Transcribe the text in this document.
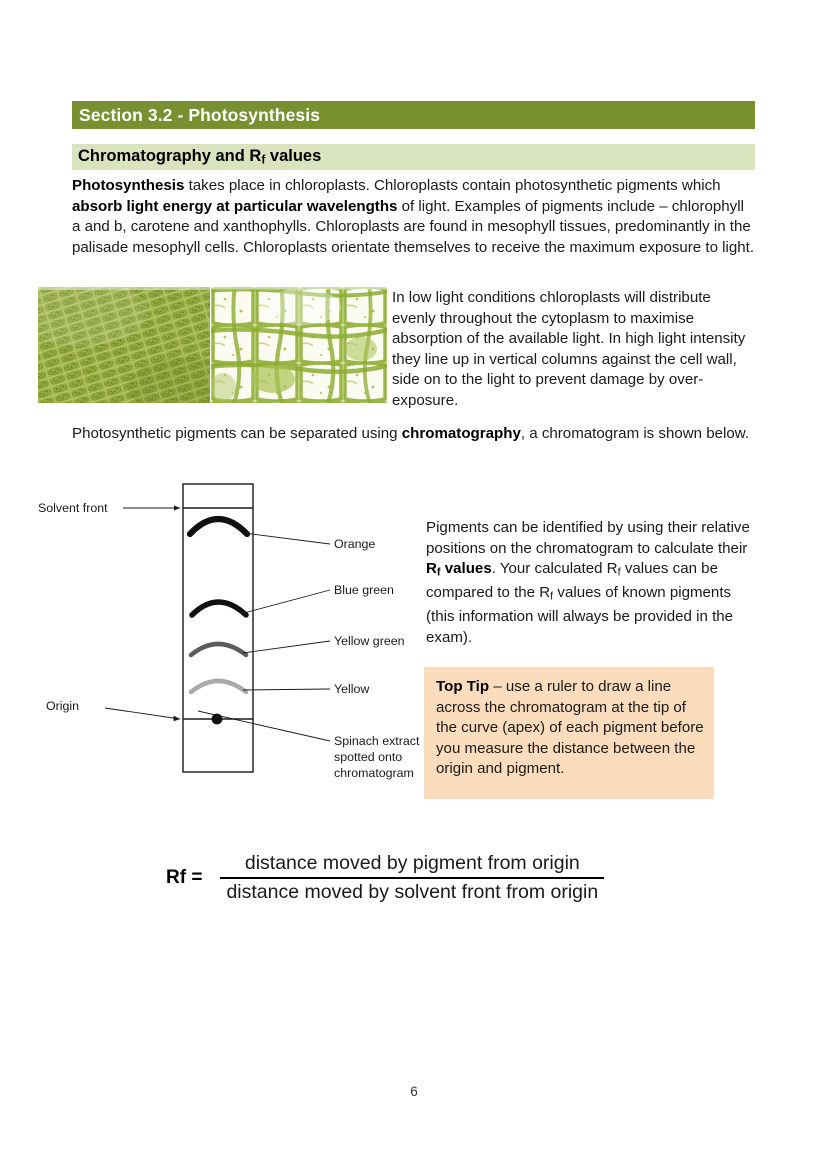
Section 3.2 - Photosynthesis
Chromatography and $R_f$ values
Photosynthesis takes place in chloroplasts. Chloroplasts contain photosynthetic pigments which absorb light energy at particular wavelengths of light. Examples of pigments include – chlorophyll a and b, carotene and xanthophylls. Chloroplasts are found in mesophyll tissues, predominantly in the palisade mesophyll cells. Chloroplasts orientate themselves to receive the maximum exposure to light.
In low light conditions chloroplasts will distribute evenly throughout the cytoplasm to maximise absorption of the available light. In high light intensity they line up in vertical columns against the cell wall, side on to the light to prevent damage by over-exposure.
Photosynthetic pigments can be separated using chromatography, a chromatogram is shown below.
Solvent front
Orange
Blue green
Yellow green
Yellow
Origin
Spinach extract
spotted onto
chromatogram
Pigments can be identified by using their relative positions on the chromatogram to calculate their $R_f$ values. Your calculated $R_f$ values can be compared to the $R_f$ values of known pigments (this information will always be provided in the exam).
Top Tip – use a ruler to draw a line across the chromatogram at the tip of the curve (apex) of each pigment before you measure the distance between the origin and pigment.
$Rf = \frac{\text{distance moved by pigment from origin}}{\text{distance moved by solvent front from origin}}$
6
